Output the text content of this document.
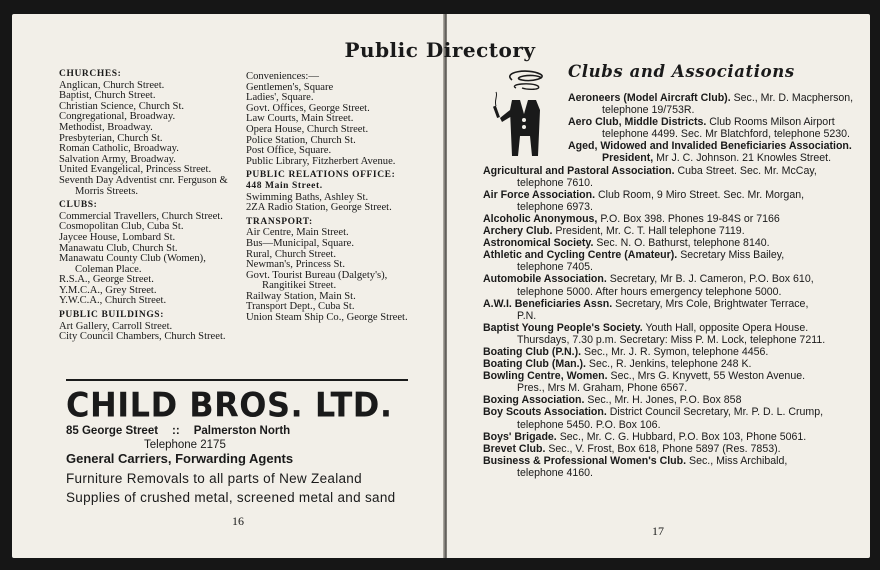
Public Directory
CHURCHES:
Anglican, Church Street.
Baptist, Church Street.
Christian Science, Church St.
Congregational, Broadway.
Methodist, Broadway.
Presbyterian, Church St.
Roman Catholic, Broadway.
Salvation Army, Broadway.
United Evangelical, Princess Street.
Seventh Day Adventist cnr. Ferguson & Morris Streets.
CLUBS:
Commercial Travellers, Church Street.
Cosmopolitan Club, Cuba St.
Jaycee House, Lombard St.
Manawatu Club, Church St.
Manawatu County Club (Women), Coleman Place.
R.S.A., George Street.
Y.M.C.A., Grey Street.
Y.W.C.A., Church Street.
PUBLIC BUILDINGS:
Art Gallery, Carroll Street.
City Council Chambers, Church Street.
Conveniences:—
Gentlemen's, Square
Ladies', Square.
Govt. Offices, George Street.
Law Courts, Main Street.
Opera House, Church Street.
Police Station, Church St.
Post Office, Square.
Public Library, Fitzherbert Avenue.
PUBLIC RELATIONS OFFICE: 448 Main Street.
Swimming Baths, Ashley St.
2ZA Radio Station, George Street.
TRANSPORT:
Air Centre, Main Street.
Bus—Municipal, Square.
Rural, Church Street.
Newman's, Princess St.
Govt. Tourist Bureau (Dalgety's), Rangitikei Street.
Railway Station, Main St.
Transport Dept., Cuba St.
Union Steam Ship Co., George Street.
CHILD BROS. LTD.
85 George Street :: Palmerston North
Telephone 2175
General Carriers, Forwarding Agents
Furniture Removals to all parts of New Zealand
Supplies of crushed metal, screened metal and sand
16
Clubs and Associations
Aeroneers (Model Aircraft Club). Sec., Mr. D. Macpherson, telephone 19/753R.
Aero Club, Middle Districts. Club Rooms Milson Airport telephone 4499. Sec. Mr Blatchford, telephone 5230.
Aged, Widowed and Invalided Beneficiaries Association. President, Mr J. C. Johnson. 21 Knowles Street.
Agricultural and Pastoral Association. Cuba Street. Sec. Mr. McCay, telephone 7610.
Air Force Association. Club Room, 9 Miro Street. Sec. Mr. Morgan, telephone 6973.
Alcoholic Anonymous, P.O. Box 398. Phones 19-84S or 7166
Archery Club. President, Mr. C. T. Hall telephone 7119.
Astronomical Society. Sec. N. O. Bathurst, telephone 8140.
Athletic and Cycling Centre (Amateur). Secretary Miss Bailey, telephone 7405.
Automobile Association. Secretary, Mr B. J. Cameron, P.O. Box 610, telephone 5000. After hours emergency telephone 5000.
A.W.I. Beneficiaries Assn. Secretary, Mrs Cole, Brightwater Terrace, P.N.
Baptist Young People's Society. Youth Hall, opposite Opera House. Thursdays, 7.30 p.m. Secretary: Miss P. M. Lock, telephone 7211.
Boating Club (P.N.). Sec., Mr. J. R. Symon, telephone 4456.
Boating Club (Man.). Sec., R. Jenkins, telephone 248 K.
Bowling Centre, Women. Sec., Mrs G. Knyvett, 55 Weston Avenue. Pres., Mrs M. Graham, Phone 6567.
Boxing Association. Sec., Mr. H. Jones, P.O. Box 858
Boy Scouts Association. District Council Secretary, Mr. P. D. L. Crump, telephone 5450. P.O. Box 106.
Boys' Brigade. Sec., Mr. C. G. Hubbard, P.O. Box 103, Phone 5061.
Brevet Club. Sec., V. Frost, Box 618, Phone 5897 (Res. 7853).
Business & Professional Women's Club. Sec., Miss Archibald, telephone 4160.
17
